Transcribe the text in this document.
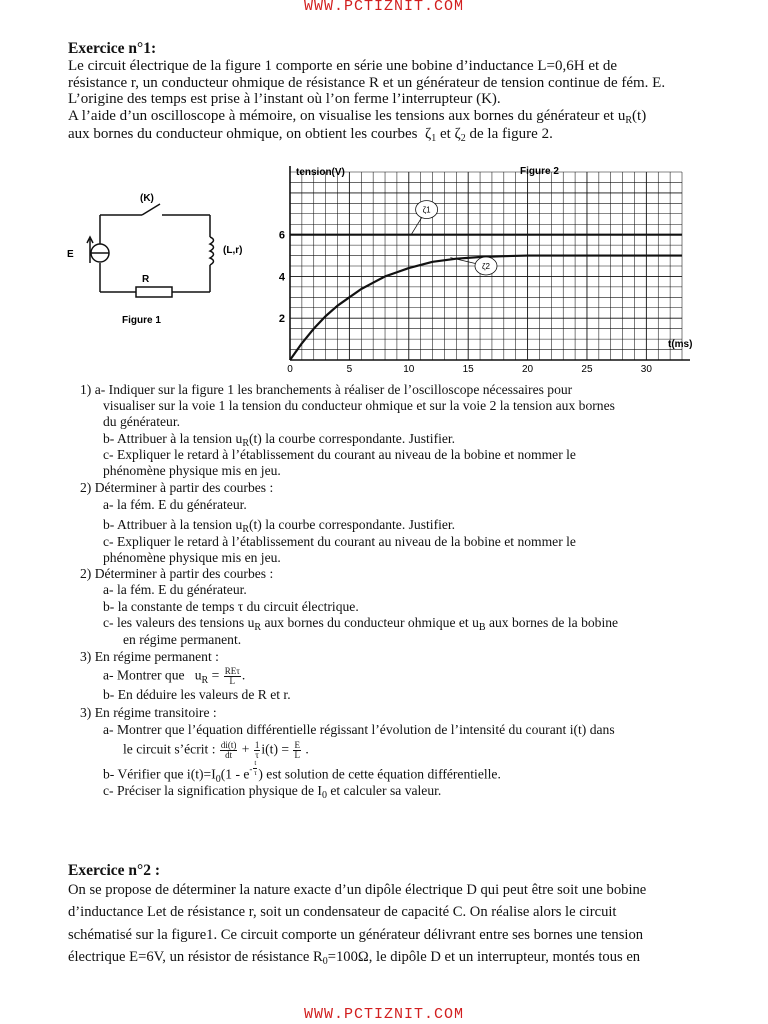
WWW.PCTIZNIT.COM
Exercice n°1:
Le circuit électrique de la figure 1 comporte en série une bobine d’inductance L=0,6H et de
résistance r, un conducteur ohmique de résistance R et un générateur de tension continue de fém. E.
L’origine des temps est prise à l’instant où l’on ferme l’interrupteur (K).
A l’aide d’un oscilloscope à mémoire, on visualise les tensions aux bornes du générateur et $u_R(t)$
aux bornes du conducteur ohmique, on obtient les courbes $\zeta_1$ et $\zeta_2$ de la figure 2.
(K)
E	(L,r)
R
Figure 1
0	5	10	15	20	25	30
2
4
6
tension(V)	Figure 2
t(ms)
ζ1
ζ2
1) a- Indiquer sur la figure 1 les branchements à réaliser de l’oscilloscope nécessaires pour
visualiser sur la voie 1 la tension du conducteur ohmique et sur la voie 2 la tension aux bornes
du générateur.
b- Attribuer à la tension $u_R(t)$ la courbe correspondante. Justifier.
c- Expliquer le retard à l’établissement du courant au niveau de la bobine et nommer le
phénomène physique mis en jeu.
2) Déterminer à partir des courbes :
a- la fém. E du générateur.
b- Attribuer à la tension $u_R(t)$ la courbe correspondante. Justifier.
c- Expliquer le retard à l’établissement du courant au niveau de la bobine et nommer le
phénomène physique mis en jeu.
2) Déterminer à partir des courbes :
a- la fém. E du générateur.
b- la constante de temps τ du circuit électrique.
c- les valeurs des tensions $u_R$ aux bornes du conducteur ohmique et $u_B$ aux bornes de la bobine
en régime permanent.
3) En régime permanent :
a- Montrer que $u_R = \frac{\text{REτ}}{L}$ .
b- En déduire les valeurs de R et r.
3) En régime transitoire :
a- Montrer que l’équation différentielle régissant l’évolution de l’intensité du courant i(t) dans
le circuit s’écrit : $\frac{di(t)}{dt} + \frac{1}{\tau} i(t) = \frac{E}{L}$ .
b- Vérifier que $i(t)=I_0(1 - e^- \frac{t}{\tau}$ ) est solution de cette équation différentielle.
c- Préciser la signification physique de $I_0$ et calculer sa valeur.
Exercice n°2 :
On se propose de déterminer la nature exacte d’un dipôle électrique D qui peut être soit une bobine
d’inductance Let de résistance r, soit un condensateur de capacité C. On réalise alors le circuit
schématisé sur la figure1. Ce circuit comporte un générateur délivrant entre ses bornes une tension
électrique E=6V, un résistor de résistance $R_0=100\Omega$, le dipôle D et un interrupteur, montés tous en
WWW.PCTIZNIT.COM
